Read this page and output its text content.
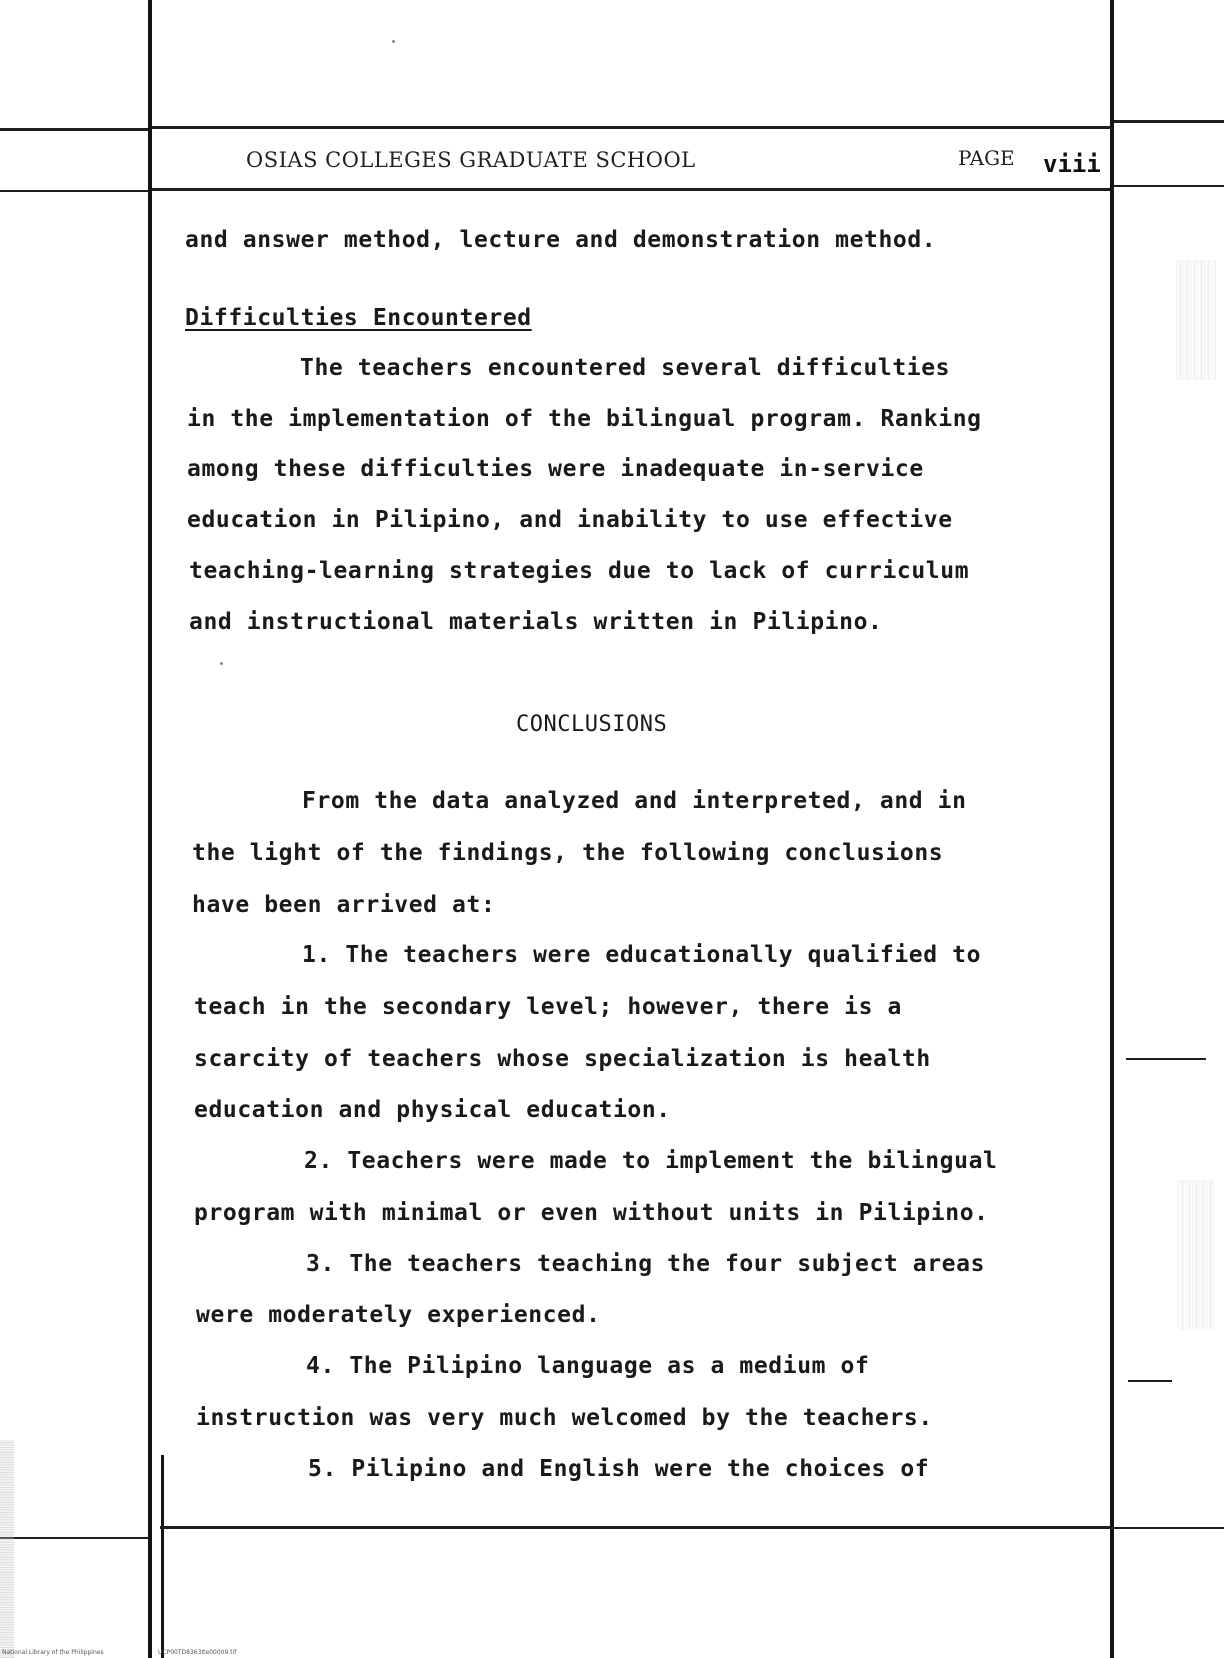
OSIAS COLLEGES GRADUATE SCHOOL	PAGE viii
and answer method, lecture and demonstration method.
Difficulties Encountered
The teachers encountered several difficulties
in the implementation of the bilingual program. Ranking
among these difficulties were inadequate in-service
education in Pilipino, and inability to use effective
teaching-learning strategies due to lack of curriculum
and instructional materials written in Pilipino.
CONCLUSIONS
From the data analyzed and interpreted, and in
the light of the findings, the following conclusions
have been arrived at:
1. The teachers were educationally qualified to
teach in the secondary level; however, there is a
scarcity of teachers whose specialization is health
education and physical education.
2. Teachers were made to implement the bilingual
program with minimal or even without units in Pilipino.
3. The teachers teaching the four subject areas
were moderately experienced.
4. The Pilipino language as a medium of
instruction was very much welcomed by the teachers.
5. Pilipino and English were the choices of
National Library of the Philippines	UCP00TD8363Ite00009.tif
